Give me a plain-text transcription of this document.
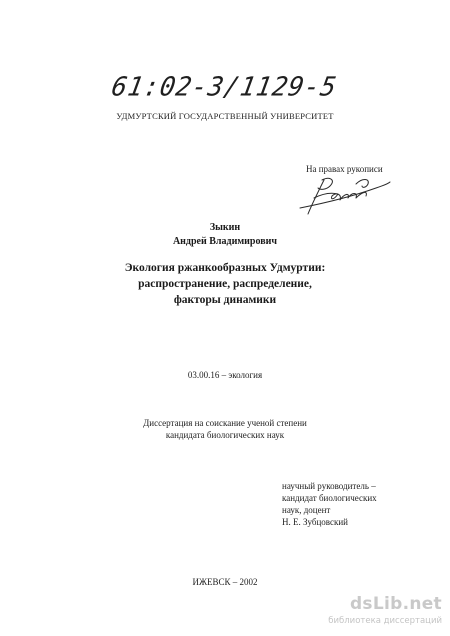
61:02-3/1129-5
УДМУРТСКИЙ ГОСУДАРСТВЕННЫЙ УНИВЕРСИТЕТ
На правах рукописи
Зыкин
Андрей Владимирович
Экология ржанкообразных Удмуртии:
распространение, распределение,
факторы динамики
03.00.16 – экология
Диссертация на соискание ученой степени
кандидата биологических наук
научный руководитель –
кандидат биологических
наук, доцент
Н. Е. Зубцовский
ИЖЕВСК – 2002
dsLib.net
библиотека диссертаций
